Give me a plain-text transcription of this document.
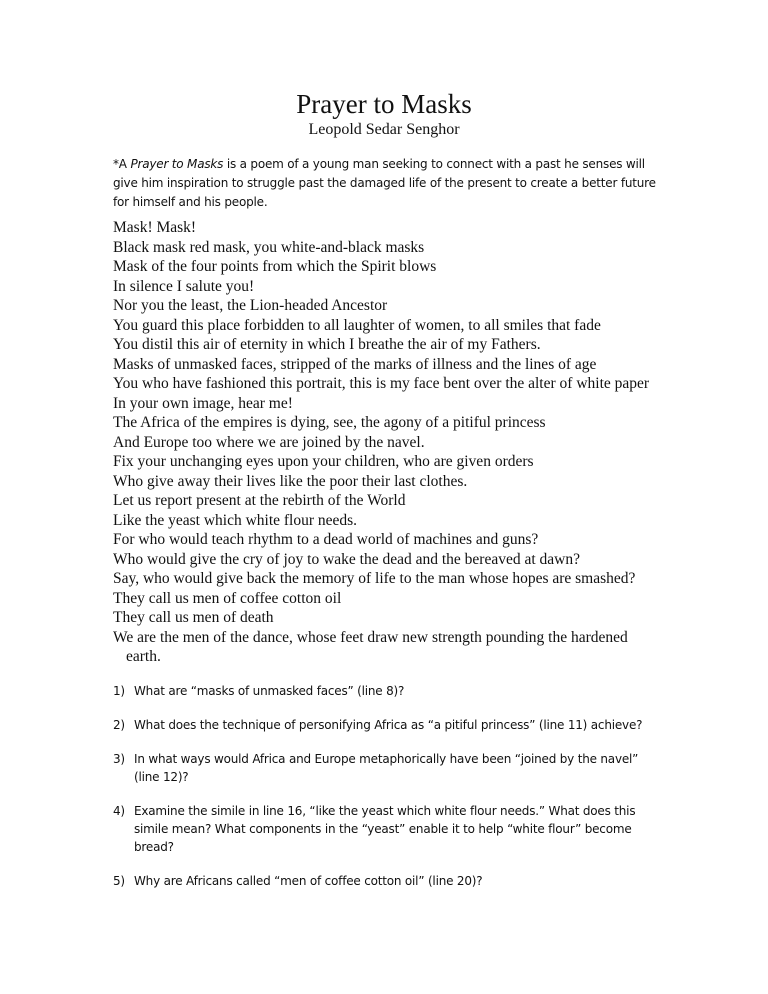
Prayer to Masks
Leopold Sedar Senghor

*A Prayer to Masks is a poem of a young man seeking to connect with a past he senses will give him inspiration to struggle past the damaged life of the present to create a better future for himself and his people.

Mask! Mask!
Black mask red mask, you white-and-black masks
Mask of the four points from which the Spirit blows
In silence I salute you!
Nor you the least, the Lion-headed Ancestor
You guard this place forbidden to all laughter of women, to all smiles that fade
You distil this air of eternity in which I breathe the air of my Fathers.
Masks of unmasked faces, stripped of the marks of illness and the lines of age
You who have fashioned this portrait, this is my face bent over the alter of white paper
In your own image, hear me!
The Africa of the empires is dying, see, the agony of a pitiful princess
And Europe too where we are joined by the navel.
Fix your unchanging eyes upon your children, who are given orders
Who give away their lives like the poor their last clothes.
Let us report present at the rebirth of the World
Like the yeast which white flour needs.
For who would teach rhythm to a dead world of machines and guns?
Who would give the cry of joy to wake the dead and the bereaved at dawn?
Say, who would give back the memory of life to the man whose hopes are smashed?
They call us men of coffee cotton oil
They call us men of death
We are the men of the dance, whose feet draw new strength pounding the hardened earth.
1) What are “masks of unmasked faces” (line 8)?
2) What does the technique of personifying Africa as “a pitiful princess” (line 11) achieve?
3) In what ways would Africa and Europe metaphorically have been “joined by the navel” (line 12)?
4) Examine the simile in line 16, “like the yeast which white flour needs.” What does this simile mean? What components in the “yeast” enable it to help “white flour” become bread?
5) Why are Africans called “men of coffee cotton oil” (line 20)?
